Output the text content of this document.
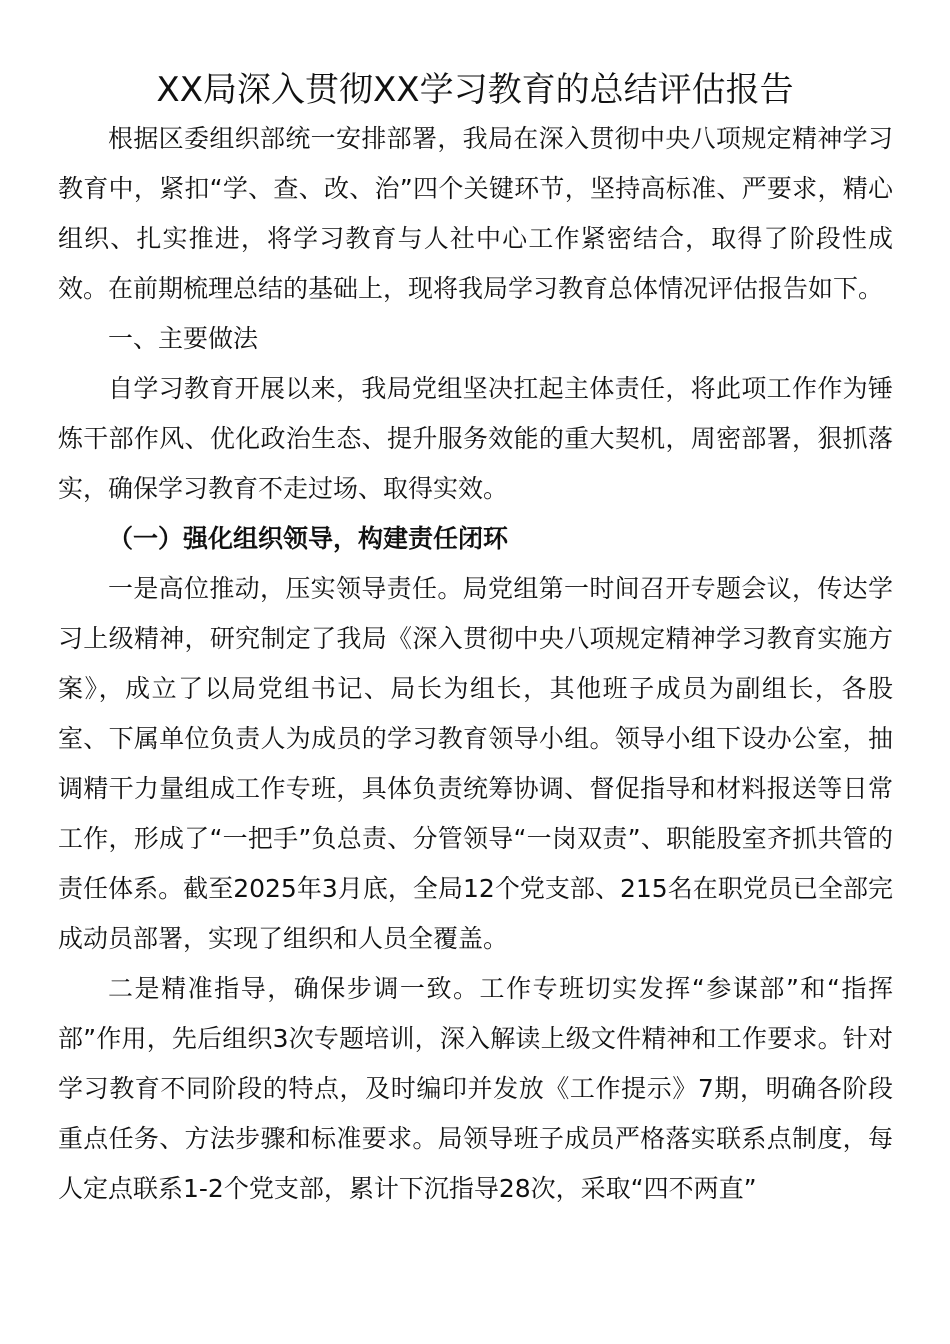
XX局深入贯彻XX学习教育的总结评估报告

根据区委组织部统一安排部署，我局在深入贯彻中央八项规定精神学习教育中，紧扣“学、查、改、治”四个关键环节，坚持高标准、严要求，精心组织、扎实推进，将学习教育与人社中心工作紧密结合，取得了阶段性成效。在前期梳理总结的基础上，现将我局学习教育总体情况评估报告如下。

一、主要做法

自学习教育开展以来，我局党组坚决扛起主体责任，将此项工作作为锤炼干部作风、优化政治生态、提升服务效能的重大契机，周密部署，狠抓落实，确保学习教育不走过场、取得实效。

（一）强化组织领导，构建责任闭环

一是高位推动，压实领导责任。局党组第一时间召开专题会议，传达学习上级精神，研究制定了我局《深入贯彻中央八项规定精神学习教育实施方案》，成立了以局党组书记、局长为组长，其他班子成员为副组长，各股室、下属单位负责人为成员的学习教育领导小组。领导小组下设办公室，抽调精干力量组成工作专班，具体负责统筹协调、督促指导和材料报送等日常工作，形成了“一把手”负总责、分管领导“一岗双责”、职能股室齐抓共管的责任体系。截至2025年3月底，全局12个党支部、215名在职党员已全部完成动员部署，实现了组织和人员全覆盖。

二是精准指导，确保步调一致。工作专班切实发挥“参谋部”和“指挥部”作用，先后组织3次专题培训，深入解读上级文件精神和工作要求。针对学习教育不同阶段的特点，及时编印并发放《工作提示》7期，明确各阶段重点任务、方法步骤和标准要求。局领导班子成员严格落实联系点制度，每人定点联系1-2个党支部，累计下沉指导28次，采取“四不两直”
